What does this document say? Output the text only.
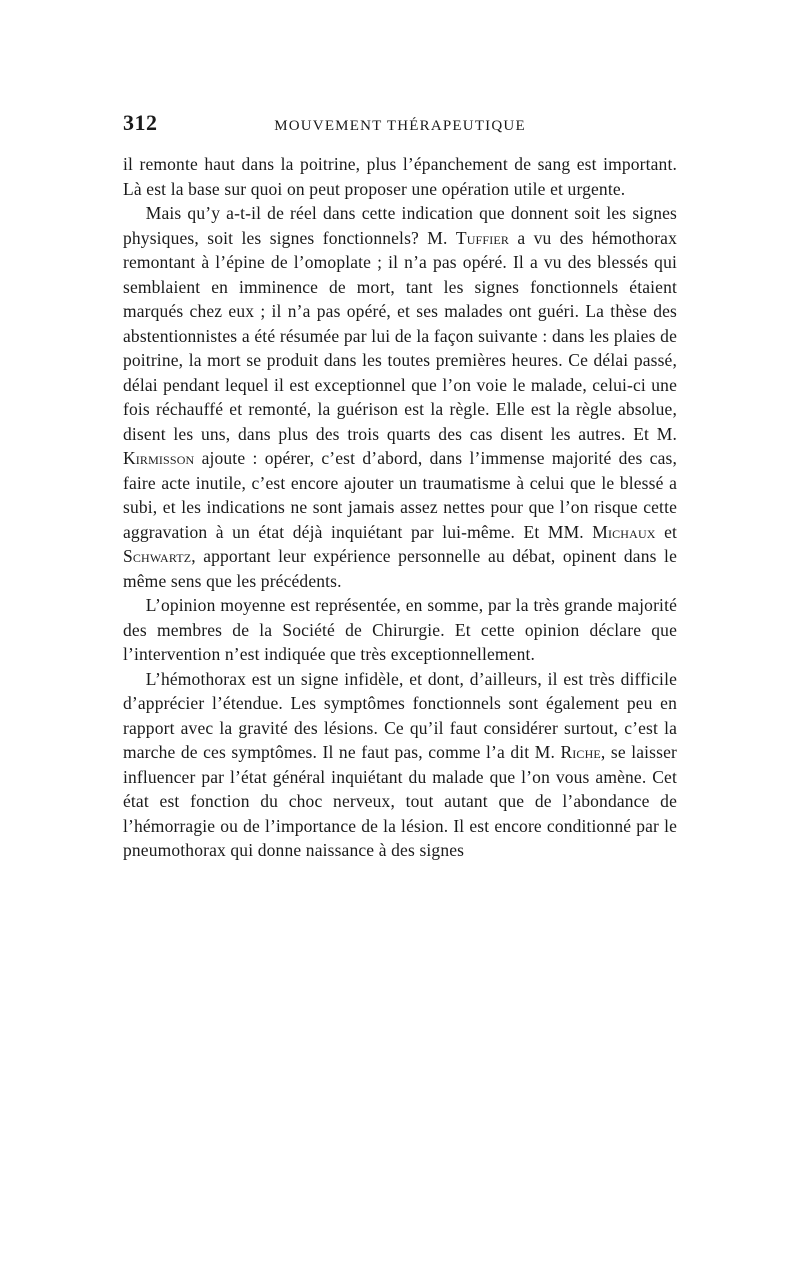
312	MOUVEMENT THÉRAPEUTIQUE

il remonte haut dans la poitrine, plus l’épanchement de sang est important. Là est la base sur quoi on peut proposer une opération utile et urgente.

Mais qu’y a-t-il de réel dans cette indication que donnent soit les signes physiques, soit les signes fonctionnels? M. Tuffier a vu des hémothorax remontant à l’épine de l’omoplate ; il n’a pas opéré. Il a vu des blessés qui semblaient en imminence de mort, tant les signes fonctionnels étaient marqués chez eux ; il n’a pas opéré, et ses malades ont guéri. La thèse des abstentionnistes a été résumée par lui de la façon suivante : dans les plaies de poitrine, la mort se produit dans les toutes premières heures. Ce délai passé, délai pendant lequel il est exceptionnel que l’on voie le malade, celui-ci une fois réchauffé et remonté, la guérison est la règle. Elle est la règle absolue, disent les uns, dans plus des trois quarts des cas disent les autres. Et M. Kirmisson ajoute : opérer, c’est d’abord, dans l’immense majorité des cas, faire acte inutile, c’est encore ajouter un traumatisme à celui que le blessé a subi, et les indications ne sont jamais assez nettes pour que l’on risque cette aggravation à un état déjà inquiétant par lui-même. Et MM. Michaux et Schwartz, apportant leur expérience personnelle au débat, opinent dans le même sens que les précédents.

L’opinion moyenne est représentée, en somme, par la très grande majorité des membres de la Société de Chirurgie. Et cette opinion déclare que l’intervention n’est indiquée que très exceptionnellement.

L’hémothorax est un signe infidèle, et dont, d’ailleurs, il est très difficile d’apprécier l’étendue. Les symptômes fonctionnels sont également peu en rapport avec la gravité des lésions. Ce qu’il faut considérer surtout, c’est la marche de ces symptômes. Il ne faut pas, comme l’a dit M. Riche, se laisser influencer par l’état général inquiétant du malade que l’on vous amène. Cet état est fonction du choc nerveux, tout autant que de l’abondance de l’hémorragie ou de l’importance de la lésion. Il est encore conditionné par le pneumothorax qui donne naissance à des signes
